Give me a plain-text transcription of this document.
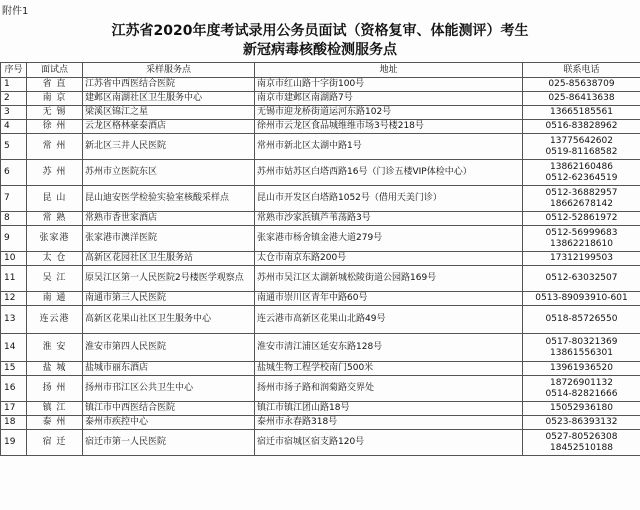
附件1
江苏省2020年度考试录用公务员面试（资格复审、体能测评）考生
新冠病毒核酸检测服务点
序号	面试点	采样服务点	地址	联系电话
1	省 直	江苏省中西医结合医院	南京市红山路十字街100号	025-85638709

2	南 京	建邺区南湖社区卫生服务中心	南京市建邺区南湖路7号	025-86413638

3	无 锡	梁溪区锦江之星	无锡市迎龙桥街道运河东路102号	13665185561

4	徐 州	云龙区格林豪泰酒店	徐州市云龙区食品城维维市场3号楼218号	0516-83828962

5	常 州	新北区三井人民医院	常州市新北区太湖中路1号	13775642602
0519-81168582

6	苏 州	苏州市立医院东区	苏州市姑苏区白塔西路16号（门诊五楼VIP体检中心）	13862160486
0512-62364519

7	昆 山	昆山迪安医学检验实验室核酸采样点	昆山市开发区白塔路1052号（借用天美门诊）	0512-36882957
18662678142

8	常 熟	常熟市香世家酒店	常熟市沙家浜镇芦苇荡路3号	0512-52861972

9	张家港	张家港市澳洋医院	张家港市杨舍镇金港大道279号	0512-56999683
13862218610

10	太 仓	高新区花园社区卫生服务站	太仓市南京东路200号	17312199503

11	吴 江	原吴江区第一人民医院2号楼医学观察点	苏州市吴江区太湖新城松陵街道公园路169号	0512-63032507

12	南 通	南通市第三人民医院	南通市崇川区青年中路60号	0513-89093910-601

13	连云港	高新区花果山社区卫生服务中心	连云港市高新区花果山北路49号	0518-85726550

14	淮 安	淮安市第四人民医院	淮安市清江浦区延安东路128号	0517-80321369
13861556301

15	盐 城	盐城市丽东酒店	盐城生物工程学校南门500米	13961936520

16	扬 州	扬州市邗江区公共卫生中心	扬州市扬子路和润菊路交界处	18726901132
0514-82821666

17	镇 江	镇江市中西医结合医院	镇江市镇江团山路18号	15052936180

18	泰 州	泰州市疾控中心	泰州市永春路318号	0523-86393132

19	宿 迁	宿迁市第一人民医院	宿迁市宿城区宿支路120号	0527-80526308
18452510188
